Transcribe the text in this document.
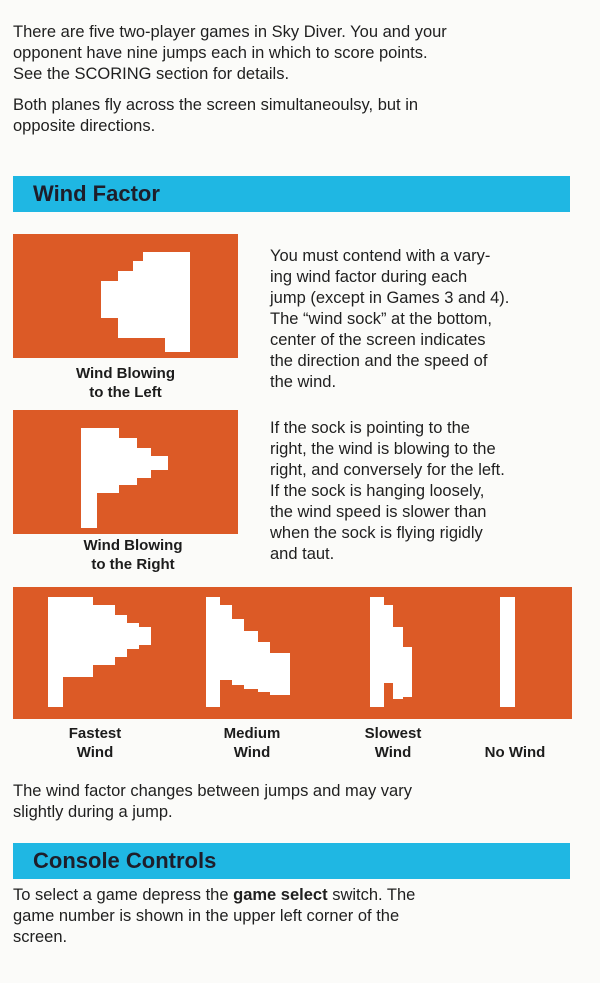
There are five two-player games in Sky Diver. You and your
opponent have nine jumps each in which to score points.
See the SCORING section for details.
Both planes fly across the screen simultaneoulsy, but in
opposite directions.
Wind Factor
Wind Blowing
to the Left
Wind Blowing
to the Right
You must contend with a vary-
ing wind factor during each
jump (except in Games 3 and 4).
The “wind sock” at the bottom,
center of the screen indicates
the direction and the speed of
the wind.
If the sock is pointing to the
right, the wind is blowing to the
right, and conversely for the left.
If the sock is hanging loosely,
the wind speed is slower than
when the sock is flying rigidly
and taut.
Fastest
Wind
Medium
Wind
Slowest
Wind	No Wind
The wind factor changes between jumps and may vary
slightly during a jump.
Console Controls
To select a game depress the game select switch. The
game number is shown in the upper left corner of the
screen.
